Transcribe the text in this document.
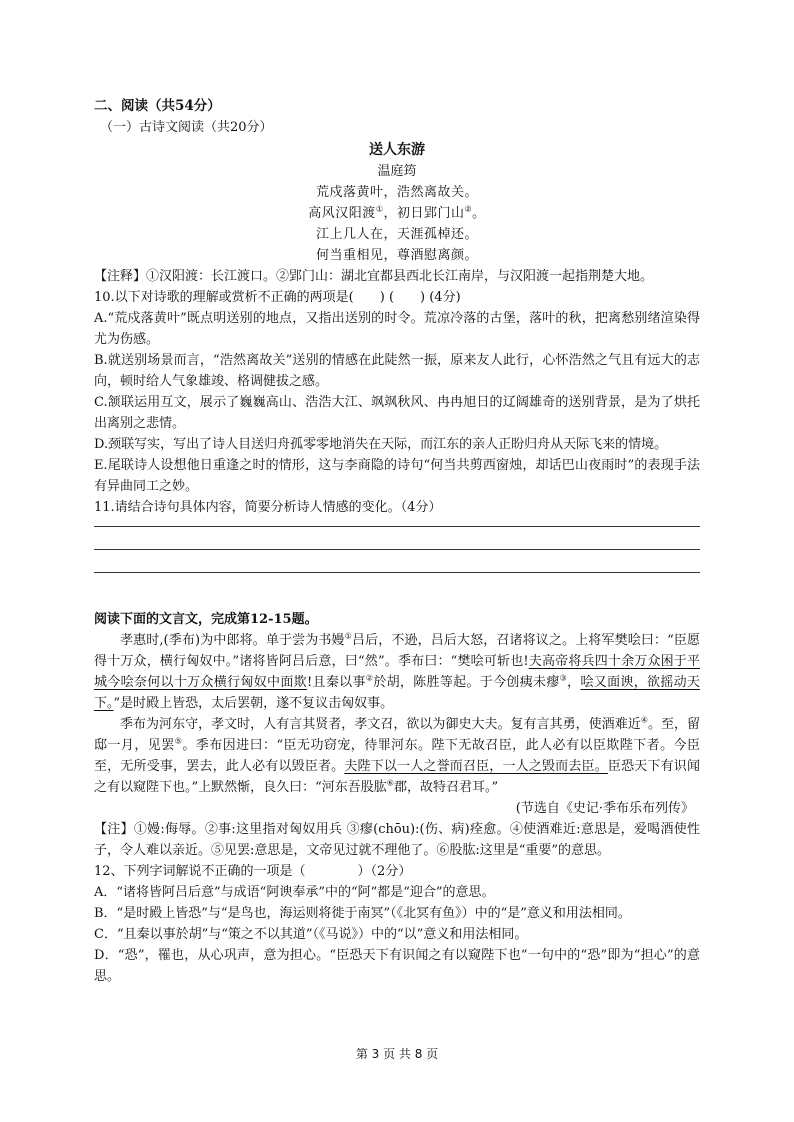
二、阅读（共54分）
（一）古诗文阅读（共20分）
送人东游
温庭筠
荒戍落黄叶，浩然离故关。
高风汉阳渡①，初日郢门山②。
江上几人在，天涯孤棹还。
何当重相见，尊酒慰离颜。
【注释】①汉阳渡：长江渡口。②郢门山：湖北宜都县西北长江南岸，与汉阳渡一起指荆楚大地。
10.以下对诗歌的理解或赏析不正确的两项是(　　) (　　) (4分)
A.“荒戍落黄叶”既点明送别的地点，又指出送别的时令。荒凉冷落的古堡，落叶的秋，把离愁别绪渲染得尤为伤感。
B.就送别场景而言，“浩然离故关”送别的情感在此陡然一振，原来友人此行，心怀浩然之气且有远大的志向，顿时给人气象雄竣、格调健拔之感。
C.颔联运用互文，展示了巍巍高山、浩浩大江、飒飒秋风、冉冉旭日的辽阔雄奇的送别背景，是为了烘托出离别之悲情。
D.颈联写实，写出了诗人目送归舟孤零零地消失在天际，而江东的亲人正盼归舟从天际飞来的情境。
E.尾联诗人设想他日重逢之时的情形，这与李商隐的诗句“何当共剪西窗烛，却话巴山夜雨时”的表现手法有异曲同工之妙。
11.请结合诗句具体内容，简要分析诗人情感的变化。（4分）
阅读下面的文言文，完成第12-15题。
孝惠时,(季布)为中郎将。单于尝为书嫚①吕后，不逊，吕后大怒，召诸将议之。上将军樊哙曰：“臣愿得十万众，横行匈奴中。”诸将皆阿吕后意，曰“然”。季布曰：“樊哙可斩也!夫高帝将兵四十余万众困于平城今哙奈何以十万众横行匈奴中面欺!且秦以事②於胡，陈胜等起。于今创痍未瘳③，哙又面谀，欲摇动天下。”是时殿上皆恐，太后罢朝，遂不复议击匈奴事。
季布为河东守，孝文时，人有言其贤者，孝文召，欲以为御史大夫。复有言其勇，使酒难近④。至，留邸一月，见罢⑤。季布因进曰：“臣无功窃宠，待罪河东。陛下无故召臣，此人必有以臣欺陛下者。今臣至，无所受事，罢去，此人必有以毁臣者。夫陛下以一人之誉而召臣，一人之毁而去臣。臣恐天下有识闻之有以窥陛下也。”上默然惭，良久曰：“河东吾股肱⑥郡，故特召君耳。”
(节选自《史记·季布乐布列传》
【注】①嫚:侮辱。②事:这里指对匈奴用兵 ③瘳(chōu):(伤、病)痊愈。④使酒难近:意思是，爱喝酒使性子，令人难以亲近。⑤见罢:意思是，文帝见过就不理他了。⑥股肱:这里是“重要”的意思。
12、下列字词解说不正确的一项是（　　　　）（2分）
A．“诸将皆阿吕后意”与成语“阿谀奉承”中的“阿”都是“迎合”的意思。
B．“是时殿上皆恐”与“是鸟也，海运则将徙于南冥”（《北冥有鱼》）中的“是”意义和用法相同。
C．“且秦以事於胡”与“策之不以其道”（《马说》）中的“以”意义和用法相同。
D．“恐”，罹也，从心巩声，意为担心。“臣恐天下有识闻之有以窥陛下也”一句中的“恐”即为“担心”的意思。
第 3 页 共 8 页
